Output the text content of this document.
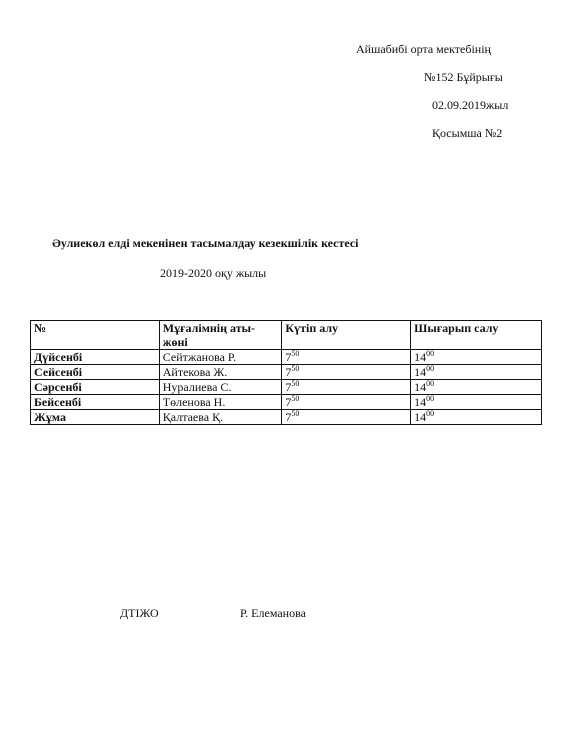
Айшабибі орта мектебінің
№152 Бұйрығы
02.09.2019жыл
Қосымша №2
Әулиекөл елді мекенінен тасымалдау кезекшілік кестесі
2019-2020 оқу жылы
№	Мұғалімнің аты-жөні	Күтіп алу	Шығарып салу
Дүйсенбі	Сейтжанова Р.	$7^{50}$	$14^{00}$
Сейсенбі	Айтекова Ж.	$7^{50}$	$14^{00}$
Сәрсенбі	Нуралиева С.	$7^{50}$	$14^{00}$
Бейсенбі	Төленова Н.	$7^{50}$	$14^{00}$
Жұма	Қалтаева Қ.	$7^{50}$	$14^{00}$
ДТІЖО	Р. Елеманова
